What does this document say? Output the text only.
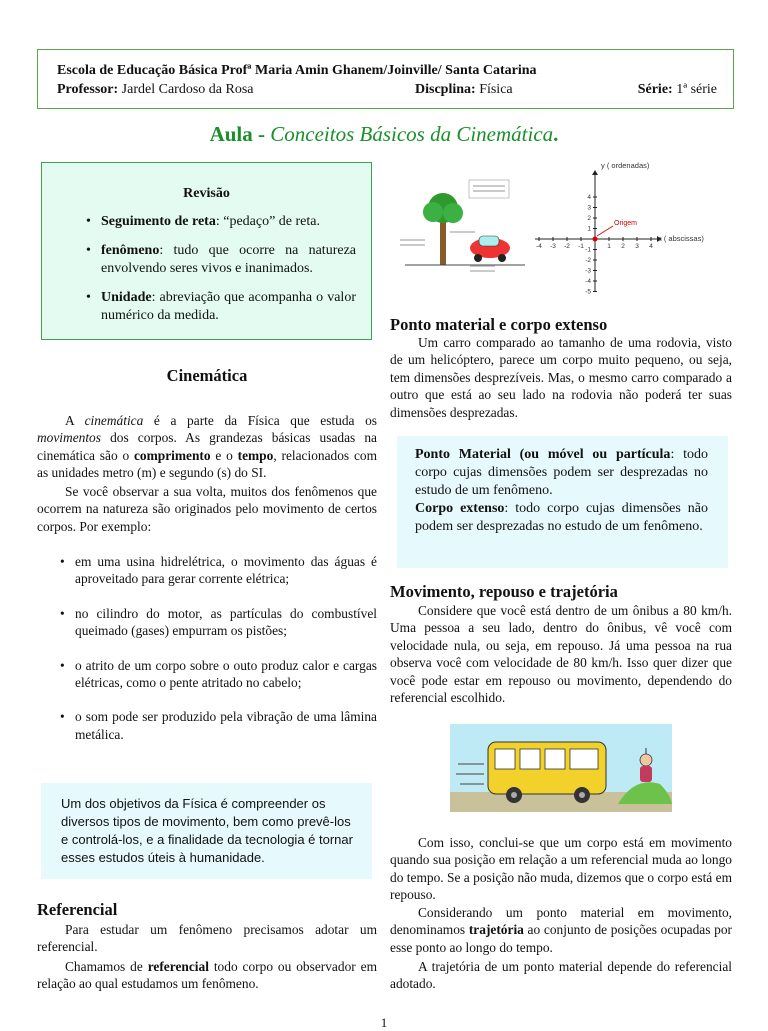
Escola de Educação Básica Profª Maria Amin Ghanem/Joinville/ Santa Catarina
Professor: Jardel Cardoso da Rosa	Discplina: Física	Série: 1ª série
Aula - Conceitos Básicos da Cinemática.
Revisão
• Seguimento de reta: “pedaço” de reta.
• fenômeno: tudo que ocorre na natureza envolvendo seres vivos e inanimados.
• Unidade: abreviação que acompanha o valor numérico da medida.
Cinemática
A cinemática é a parte da Física que estuda os movimentos dos corpos. As grandezas básicas usadas na cinemática são o comprimento e o tempo, relacionados com as unidades metro (m) e segundo (s) do SI.
Se você observar a sua volta, muitos dos fenômenos que ocorrem na natureza são originados pelo movimento de certos corpos. Por exemplo:
• em uma usina hidrelétrica, o movimento das águas é aproveitado para gerar corrente elétrica;
• no cilindro do motor, as partículas do combustível queimado (gases) empurram os pistões;
• o atrito de um corpo sobre o outo produz calor e cargas elétricas, como o pente atritado no cabelo;
• o som pode ser produzido pela vibração de uma lâmina metálica.
Um dos objetivos da Física é compreender os diversos tipos de movimento, bem como prevê-los e controlá-los, e a finalidade da tecnologia é tornar esses estudos úteis à humanidade.
Referencial
Para estudar um fenômeno precisamos adotar um referencial.
Chamamos de referencial todo corpo ou observador em relação ao qual estudamos um fenômeno.
-4 -3 -2 -1	1 2 3 4
4
3
2
1
-1
-2
-3
-4
-5
y ( ordenadas)
x ( abscissas)
Origem
Ponto material e corpo extenso
Um carro comparado ao tamanho de uma rodovia, visto de um helicóptero, parece um corpo muito pequeno, ou seja, tem dimensões desprezíveis. Mas, o mesmo carro comparado a outro que está ao seu lado na rodovia não poderá ter suas dimensões desprezadas.
Ponto Material (ou móvel ou partícula: todo corpo cujas dimensões podem ser desprezadas no estudo de um fenômeno.
Corpo extenso: todo corpo cujas dimensões não podem ser desprezadas no estudo de um fenômeno.
Movimento, repouso e trajetória
Considere que você está dentro de um ônibus a 80 km/h. Uma pessoa a seu lado, dentro do ônibus, vê você com velocidade nula, ou seja, em repouso. Já uma pessoa na rua observa você com velocidade de 80 km/h. Isso quer dizer que você pode estar em repouso ou movimento, dependendo do referencial escolhido.
Com isso, conclui-se que um corpo está em movimento quando sua posição em relação a um referencial muda ao longo do tempo. Se a posição não muda, dizemos que o corpo está em repouso.
Considerando um ponto material em movimento, denominamos trajetória ao conjunto de posições ocupadas por esse ponto ao longo do tempo.
A trajetória de um ponto material depende do referencial adotado.
1
